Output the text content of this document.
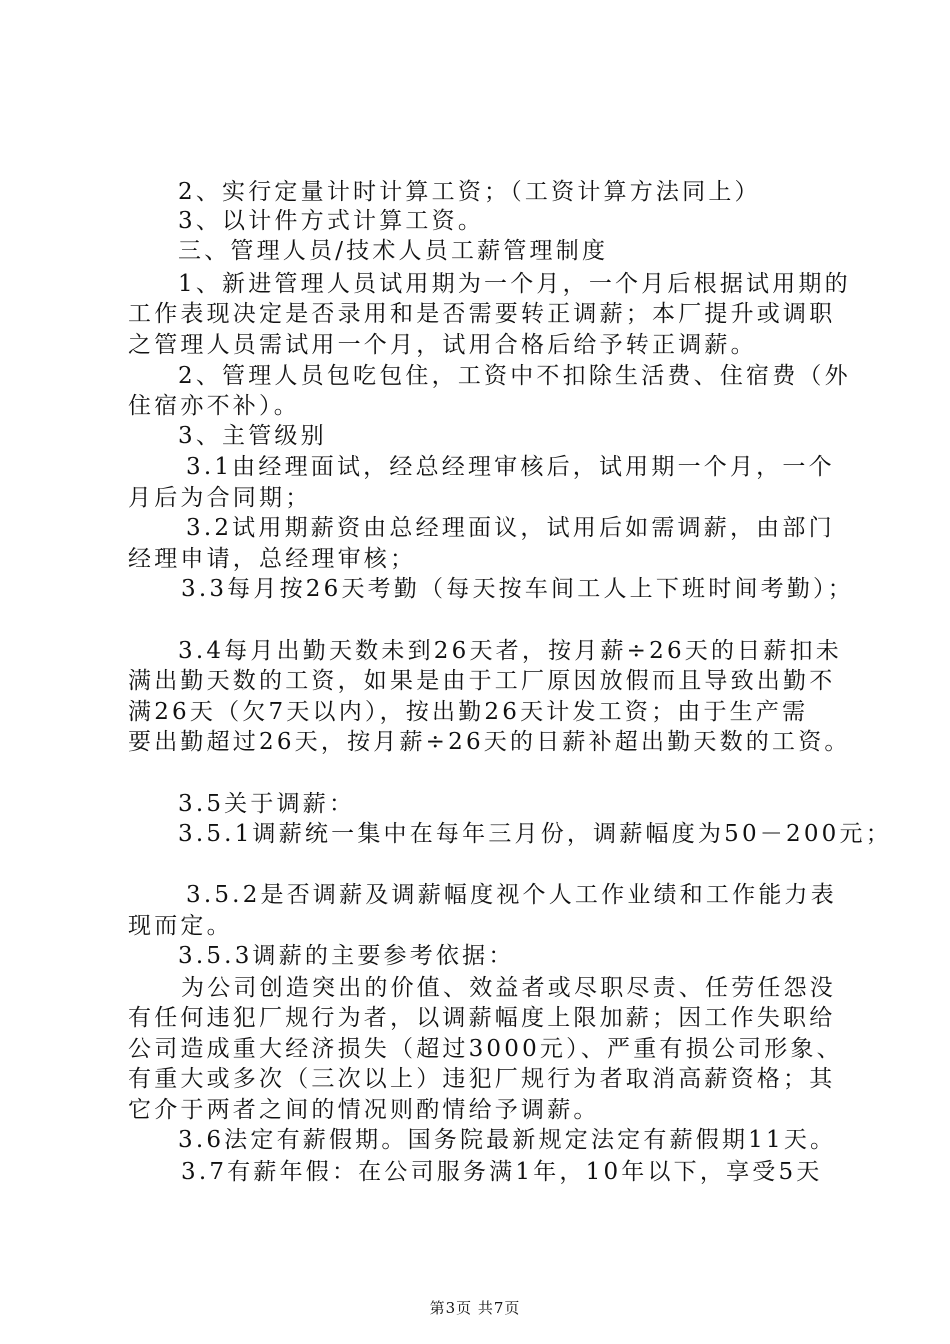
2、实行定量计时计算工资；（工资计算方法同上）
3、以计件方式计算工资。
三、管理人员/技术人员工薪管理制度
1、新进管理人员试用期为一个月，一个月后根据试用期的
工作表现决定是否录用和是否需要转正调薪；本厂提升或调职
之管理人员需试用一个月，试用合格后给予转正调薪。
2、管理人员包吃包住，工资中不扣除生活费、住宿费（外
住宿亦不补）。
3、主管级别
3.1由经理面试，经总经理审核后，试用期一个月，一个
月后为合同期；
3.2试用期薪资由总经理面议，试用后如需调薪，由部门
经理申请，总经理审核；
3.3每月按26天考勤（每天按车间工人上下班时间考勤）；
3.4每月出勤天数未到26天者，按月薪÷26天的日薪扣未
满出勤天数的工资，如果是由于工厂原因放假而且导致出勤不
满26天（欠7天以内），按出勤26天计发工资；由于生产需
要出勤超过26天，按月薪÷26天的日薪补超出勤天数的工资。
3.5关于调薪：
3.5.1调薪统一集中在每年三月份，调薪幅度为50－200元；
3.5.2是否调薪及调薪幅度视个人工作业绩和工作能力表
现而定。
3.5.3调薪的主要参考依据：
为公司创造突出的价值、效益者或尽职尽责、任劳任怨没
有任何违犯厂规行为者，以调薪幅度上限加薪；因工作失职给
公司造成重大经济损失（超过3000元）、严重有损公司形象、
有重大或多次（三次以上）违犯厂规行为者取消高薪资格；其
它介于两者之间的情况则酌情给予调薪。
3.6法定有薪假期。国务院最新规定法定有薪假期11天。
3.7有薪年假：在公司服务满1年，10年以下，享受5天
第3页 共7页
